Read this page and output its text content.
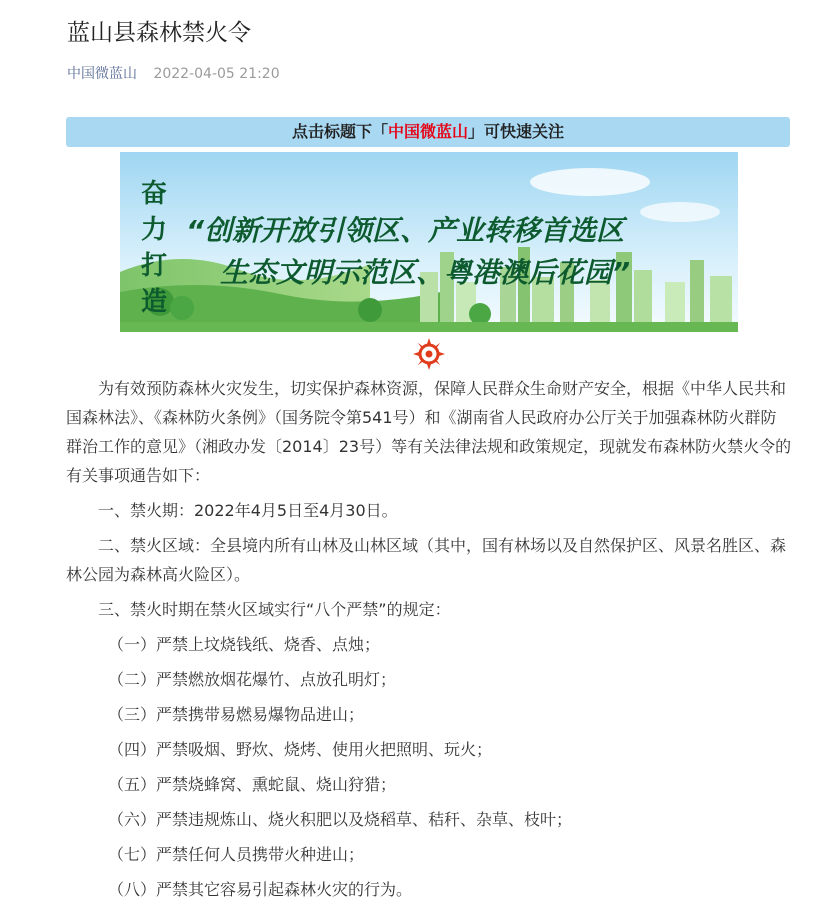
蓝山县森林禁火令
中国微蓝山 2022-04-05 21:20
点击标题下「中国微蓝山」可快速关注
奋
力
打
造
“创新开放引领区、产业转移首选区
生态文明示范区、粤港澳后花园”

为有效预防森林火灾发生，切实保护森林资源，保障人民群众生命财产安全，根据《中华人民共和国森林法》、《森林防火条例》（国务院令第541号）和《湖南省人民政府办公厅关于加强森林防火群防群治工作的意见》（湘政办发〔2014〕23号）等有关法律法规和政策规定，现就发布森林防火禁火令的有关事项通告如下：

一、禁火期：2022年4月5日至4月30日。

二、禁火区域：全县境内所有山林及山林区域（其中，国有林场以及自然保护区、风景名胜区、森林公园为森林高火险区）。

三、禁火时期在禁火区域实行“八个严禁”的规定：

（一）严禁上坟烧钱纸、烧香、点烛；

（二）严禁燃放烟花爆竹、点放孔明灯；

（三）严禁携带易燃易爆物品进山；

（四）严禁吸烟、野炊、烧烤、使用火把照明、玩火；

（五）严禁烧蜂窝、熏蛇鼠、烧山狩猎；

（六）严禁违规炼山、烧火积肥以及烧稻草、秸秆、杂草、枝叶；

（七）严禁任何人员携带火种进山；

（八）严禁其它容易引起森林火灾的行为。
